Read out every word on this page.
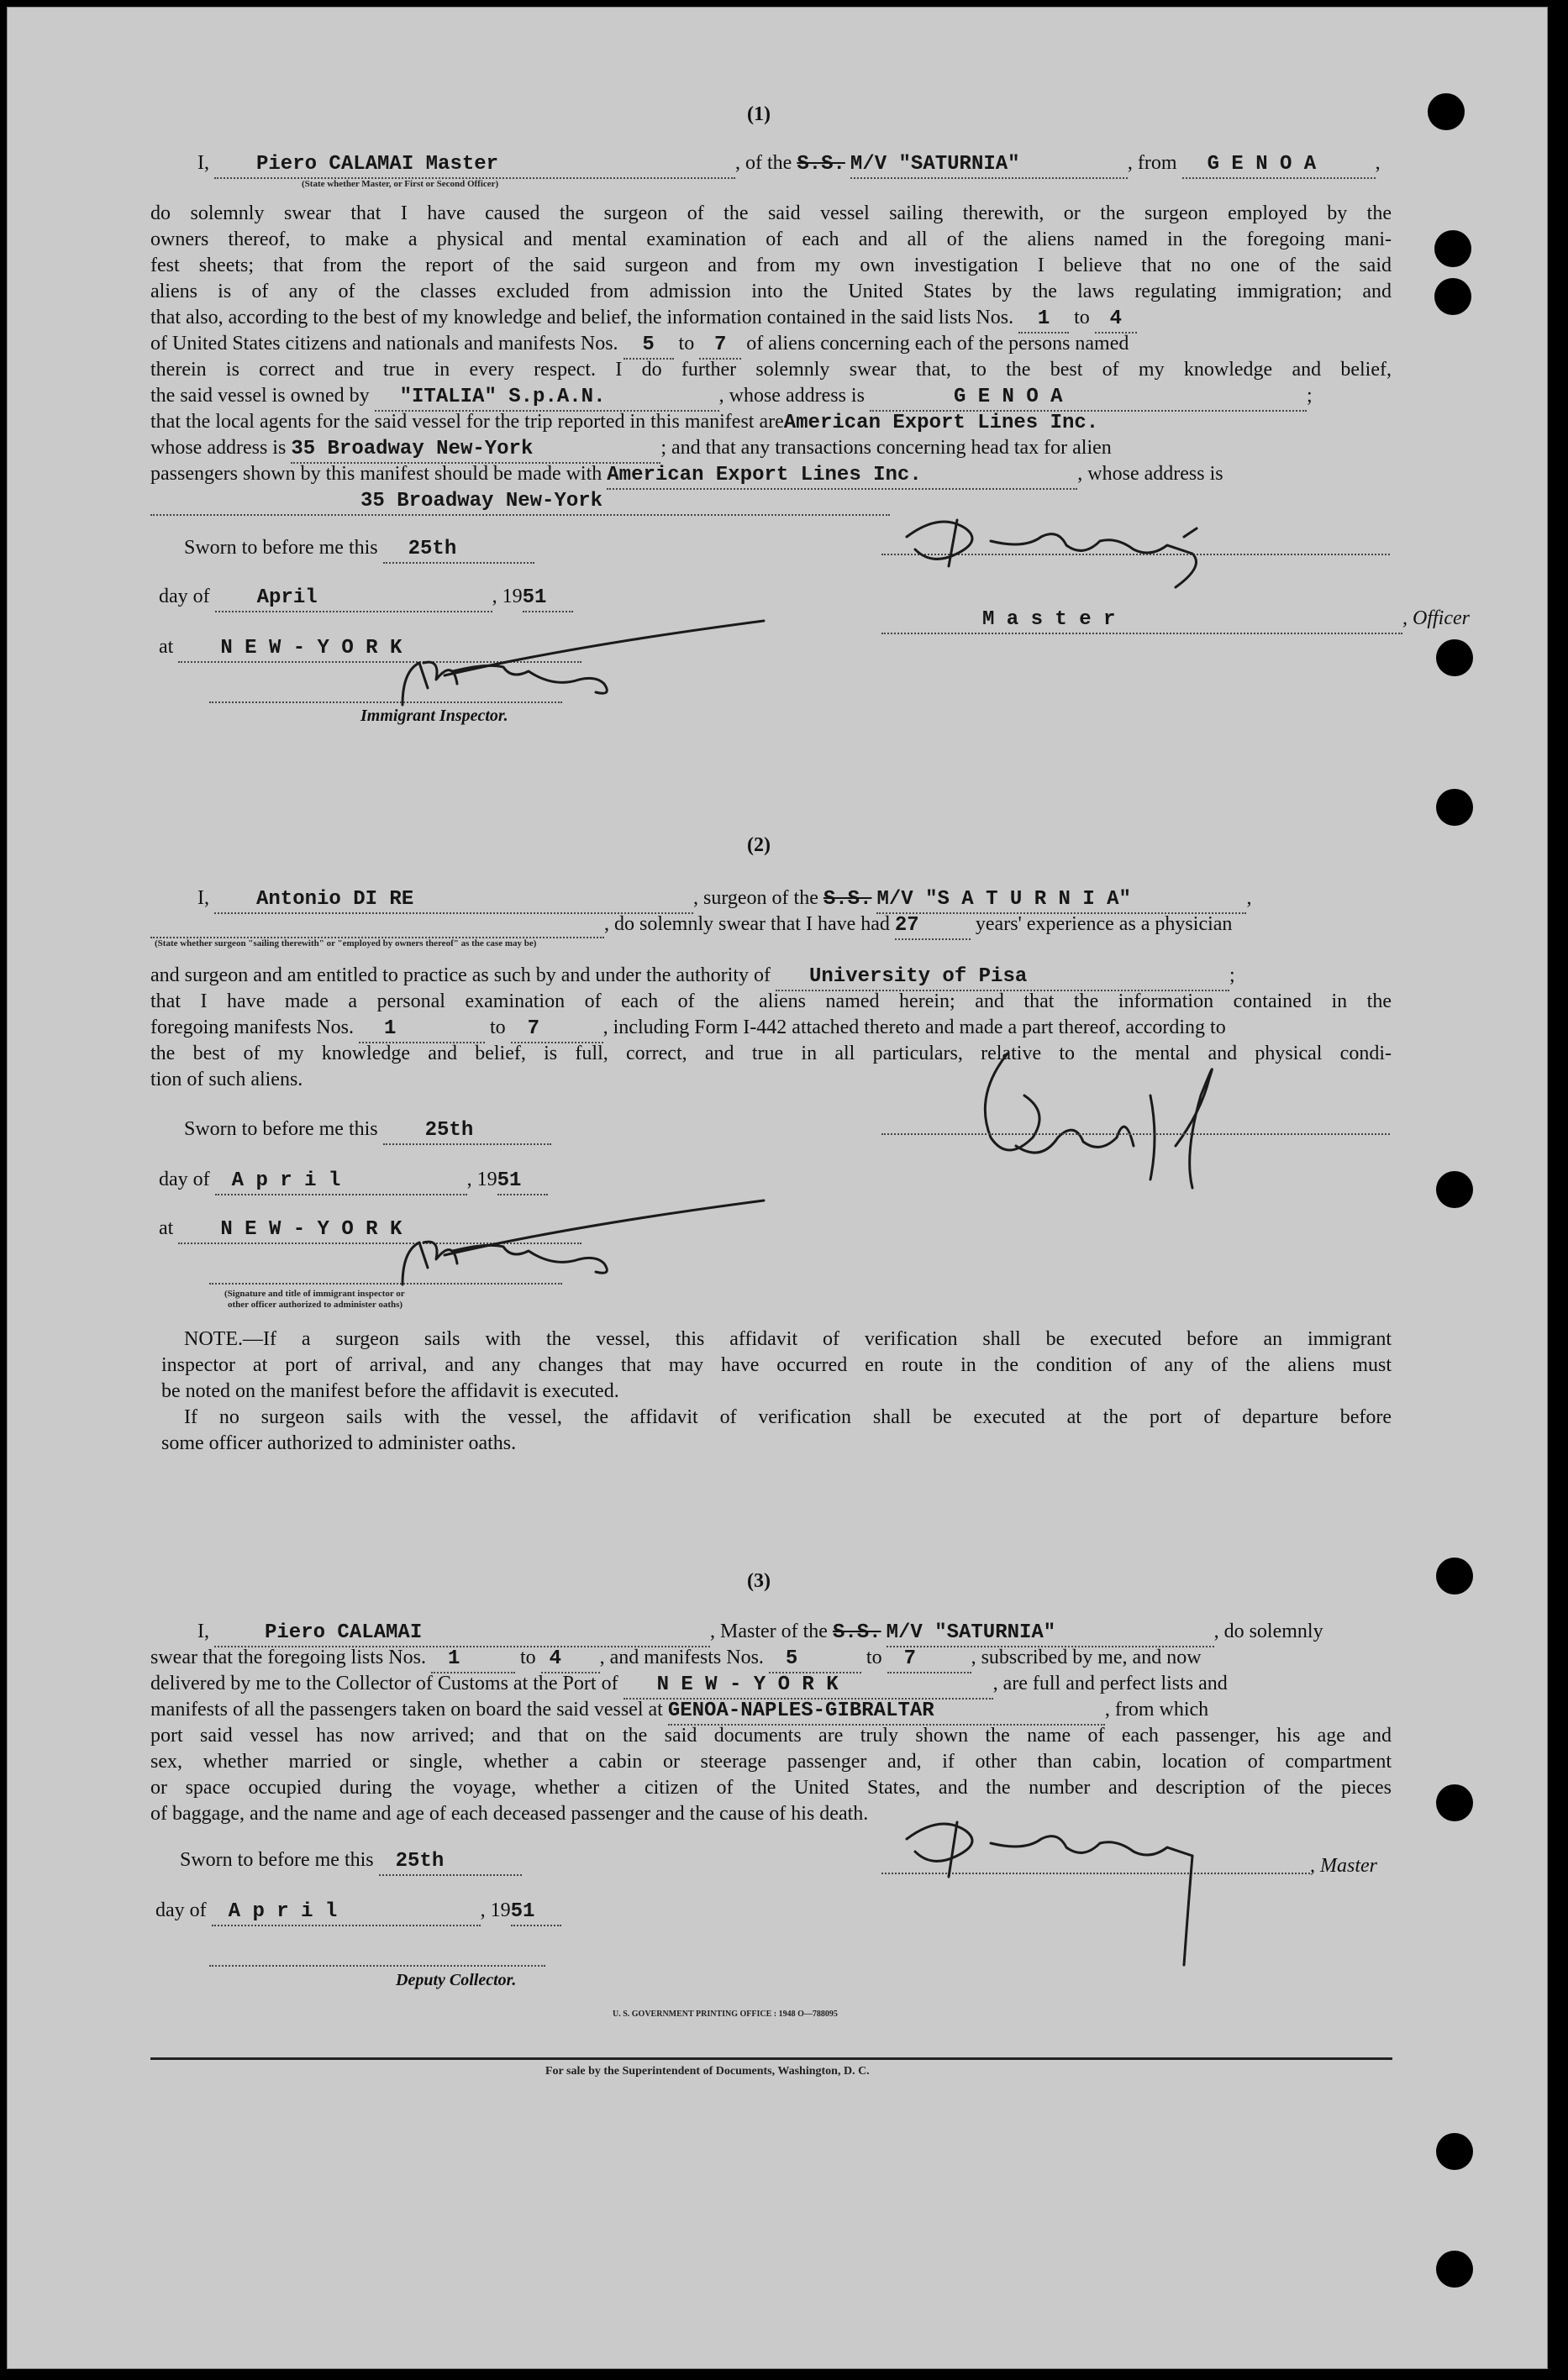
(1)
I, Piero CALAMAI Master	, of the S.S. M/V "SATURNIA"	, from G E N O A	,
(State whether Master, or First or Second Officer)
do solemnly swear that I have caused the surgeon of the said vessel sailing therewith, or the surgeon employed by the
owners thereof, to make a physical and mental examination of each and all of the aliens named in the foregoing mani-
fest sheets; that from the report of the said surgeon and from my own investigation I believe that no one of the said
aliens is of any of the classes excluded from admission into the United States by the laws regulating immigration; and
that also, according to the best of my knowledge and belief, the information contained in the said lists Nos. 1 to 4
of United States citizens and nationals and manifests Nos. 5 to 7 of aliens concerning each of the persons named
therein is correct and true in every respect. I do further solemnly swear that, to the best of my knowledge and belief,
the said vessel is owned by "ITALIA" S.p.A.N.	, whose address is	G E N O A	;
that the local agents for the said vessel for the trip reported in this manifest areAmerican Export Lines Inc.
whose address is 35 Broadway New-York	; and that any transactions concerning head tax for alien
passengers shown by this manifest should be made with American Export Lines Inc.	, whose address is
35 Broadway New-York
Sworn to before me this 25th
day of April	, 1951
at N E W - Y O R K
M a s t e r	, Officer
Immigrant Inspector.
(2)
I, Antonio DI RE	, surgeon of the S.S. M/V "S A T U R N I A"	,
, do solemnly swear that I have had 27	years' experience as a physician
(State whether surgeon "sailing therewith" or "employed by owners thereof" as the case may be)
and surgeon and am entitled to practice as such by and under the authority of University of Pisa	;
that I have made a personal examination of each of the aliens named herein; and that the information contained in the
foregoing manifests Nos. 1	to 7	, including Form I-442 attached thereto and made a part thereof, according to
the best of my knowledge and belief, is full, correct, and true in all particulars, relative to the mental and physical condi-
tion of such aliens.
Sworn to before me this 25th
day of A p r i l	, 1951
at N E W - Y O R K
(Signature and title of immigrant inspector or
other officer authorized to administer oaths)
NOTE.—If a surgeon sails with the vessel, this affidavit of verification shall be executed before an immigrant
inspector at port of arrival, and any changes that may have occurred en route in the condition of any of the aliens must
be noted on the manifest before the affidavit is executed.
If no surgeon sails with the vessel, the affidavit of verification shall be executed at the port of departure before
some officer authorized to administer oaths.
(3)
I,	Piero CALAMAI	, Master of the S.S. M/V "SATURNIA"	, do solemnly
swear that the foregoing lists Nos. 1	to 4 , and manifests Nos. 5	to 7	, subscribed by me, and now
delivered by me to the Collector of Customs at the Port of N E W - Y O R K	, are full and perfect lists and
manifests of all the passengers taken on board the said vessel at GENOA-NAPLES-GIBRALTAR	, from which
port said vessel has now arrived; and that on the said documents are truly shown the name of each passenger, his age and
sex, whether married or single, whether a cabin or steerage passenger and, if other than cabin, location of compartment
or space occupied during the voyage, whether a citizen of the United States, and the number and description of the pieces
of baggage, and the name and age of each deceased passenger and the cause of his death.
Sworn to before me this 25th	, Master
day of A p r i l	, 1951
Deputy Collector.
U. S. GOVERNMENT PRINTING OFFICE : 1948 O—788095
For sale by the Superintendent of Documents, Washington, D. C.
